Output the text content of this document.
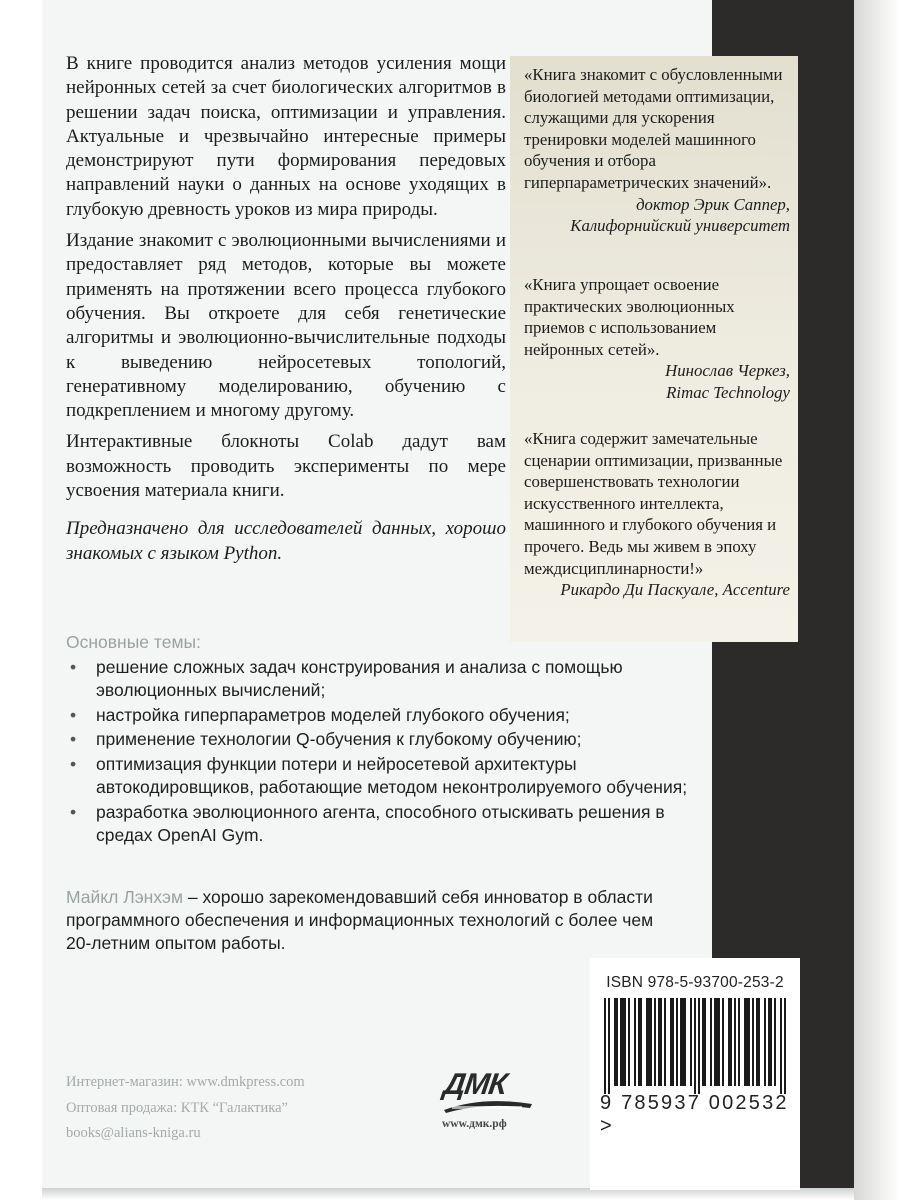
В книге проводится анализ методов усиления мощи нейронных сетей за счет биологических алгоритмов в решении задач поиска, оптимизации и управления. Актуальные и чрезвычайно интересные примеры демонстрируют пути формирования передовых направлений науки о данных на основе уходящих в глубокую древность уроков из мира природы.

Издание знакомит с эволюционными вычислениями и предоставляет ряд методов, которые вы можете применять на протяжении всего процесса глубокого обучения. Вы откроете для себя генетические алгоритмы и эволюционно-вычислительные подходы к выведению нейросетевых топологий, генеративному моделированию, обучению с подкреплением и многому другому.

Интерактивные блокноты Colab дадут вам возможность проводить эксперименты по мере усвоения материала книги.

Предназначено для исследователей данных, хорошо знакомых с языком Python.

«Книга знакомит с обусловленными биологией методами оптимизации, служащими для ускорения тренировки моделей машинного обучения и отбора гиперпараметрических значений».
доктор Эрик Саппер,
Калифорнийский университет
«Книга упрощает освоение практических эволюционных приемов с использованием нейронных сетей».
Нинослав Черкез,
Rimac Technology
«Книга содержит замечательные сценарии оптимизации, призванные совершенствовать технологии искусственного интеллекта, машинного и глубокого обучения и прочего. Ведь мы живем в эпоху междисциплинарности!»
Рикардо Ди Паскуале, Accenture
Основные темы:
• решение сложных задач конструирования и анализа с помощью эволюционных вычислений;
• настройка гиперпараметров моделей глубокого обучения;
• применение технологии Q-обучения к глубокому обучению;
• оптимизация функции потери и нейросетевой архитектуры автокодировщиков, работающие методом неконтролируемого обучения;
• разработка эволюционного агента, способного отыскивать решения в средах OpenAI Gym.
Майкл Лэнхэм – хорошо зарекомендовавший себя инноватор в области программного обеспечения и информационных технологий с более чем 20-летним опытом работы.
Интернет-магазин: www.dmkpress.com
Оптовая продажа: КТК “Галактика”
books@alians-kniga.ru
ДМК
www.дмк.рф
ISBN 978-5-93700-253-2
9 785937 002532 >
